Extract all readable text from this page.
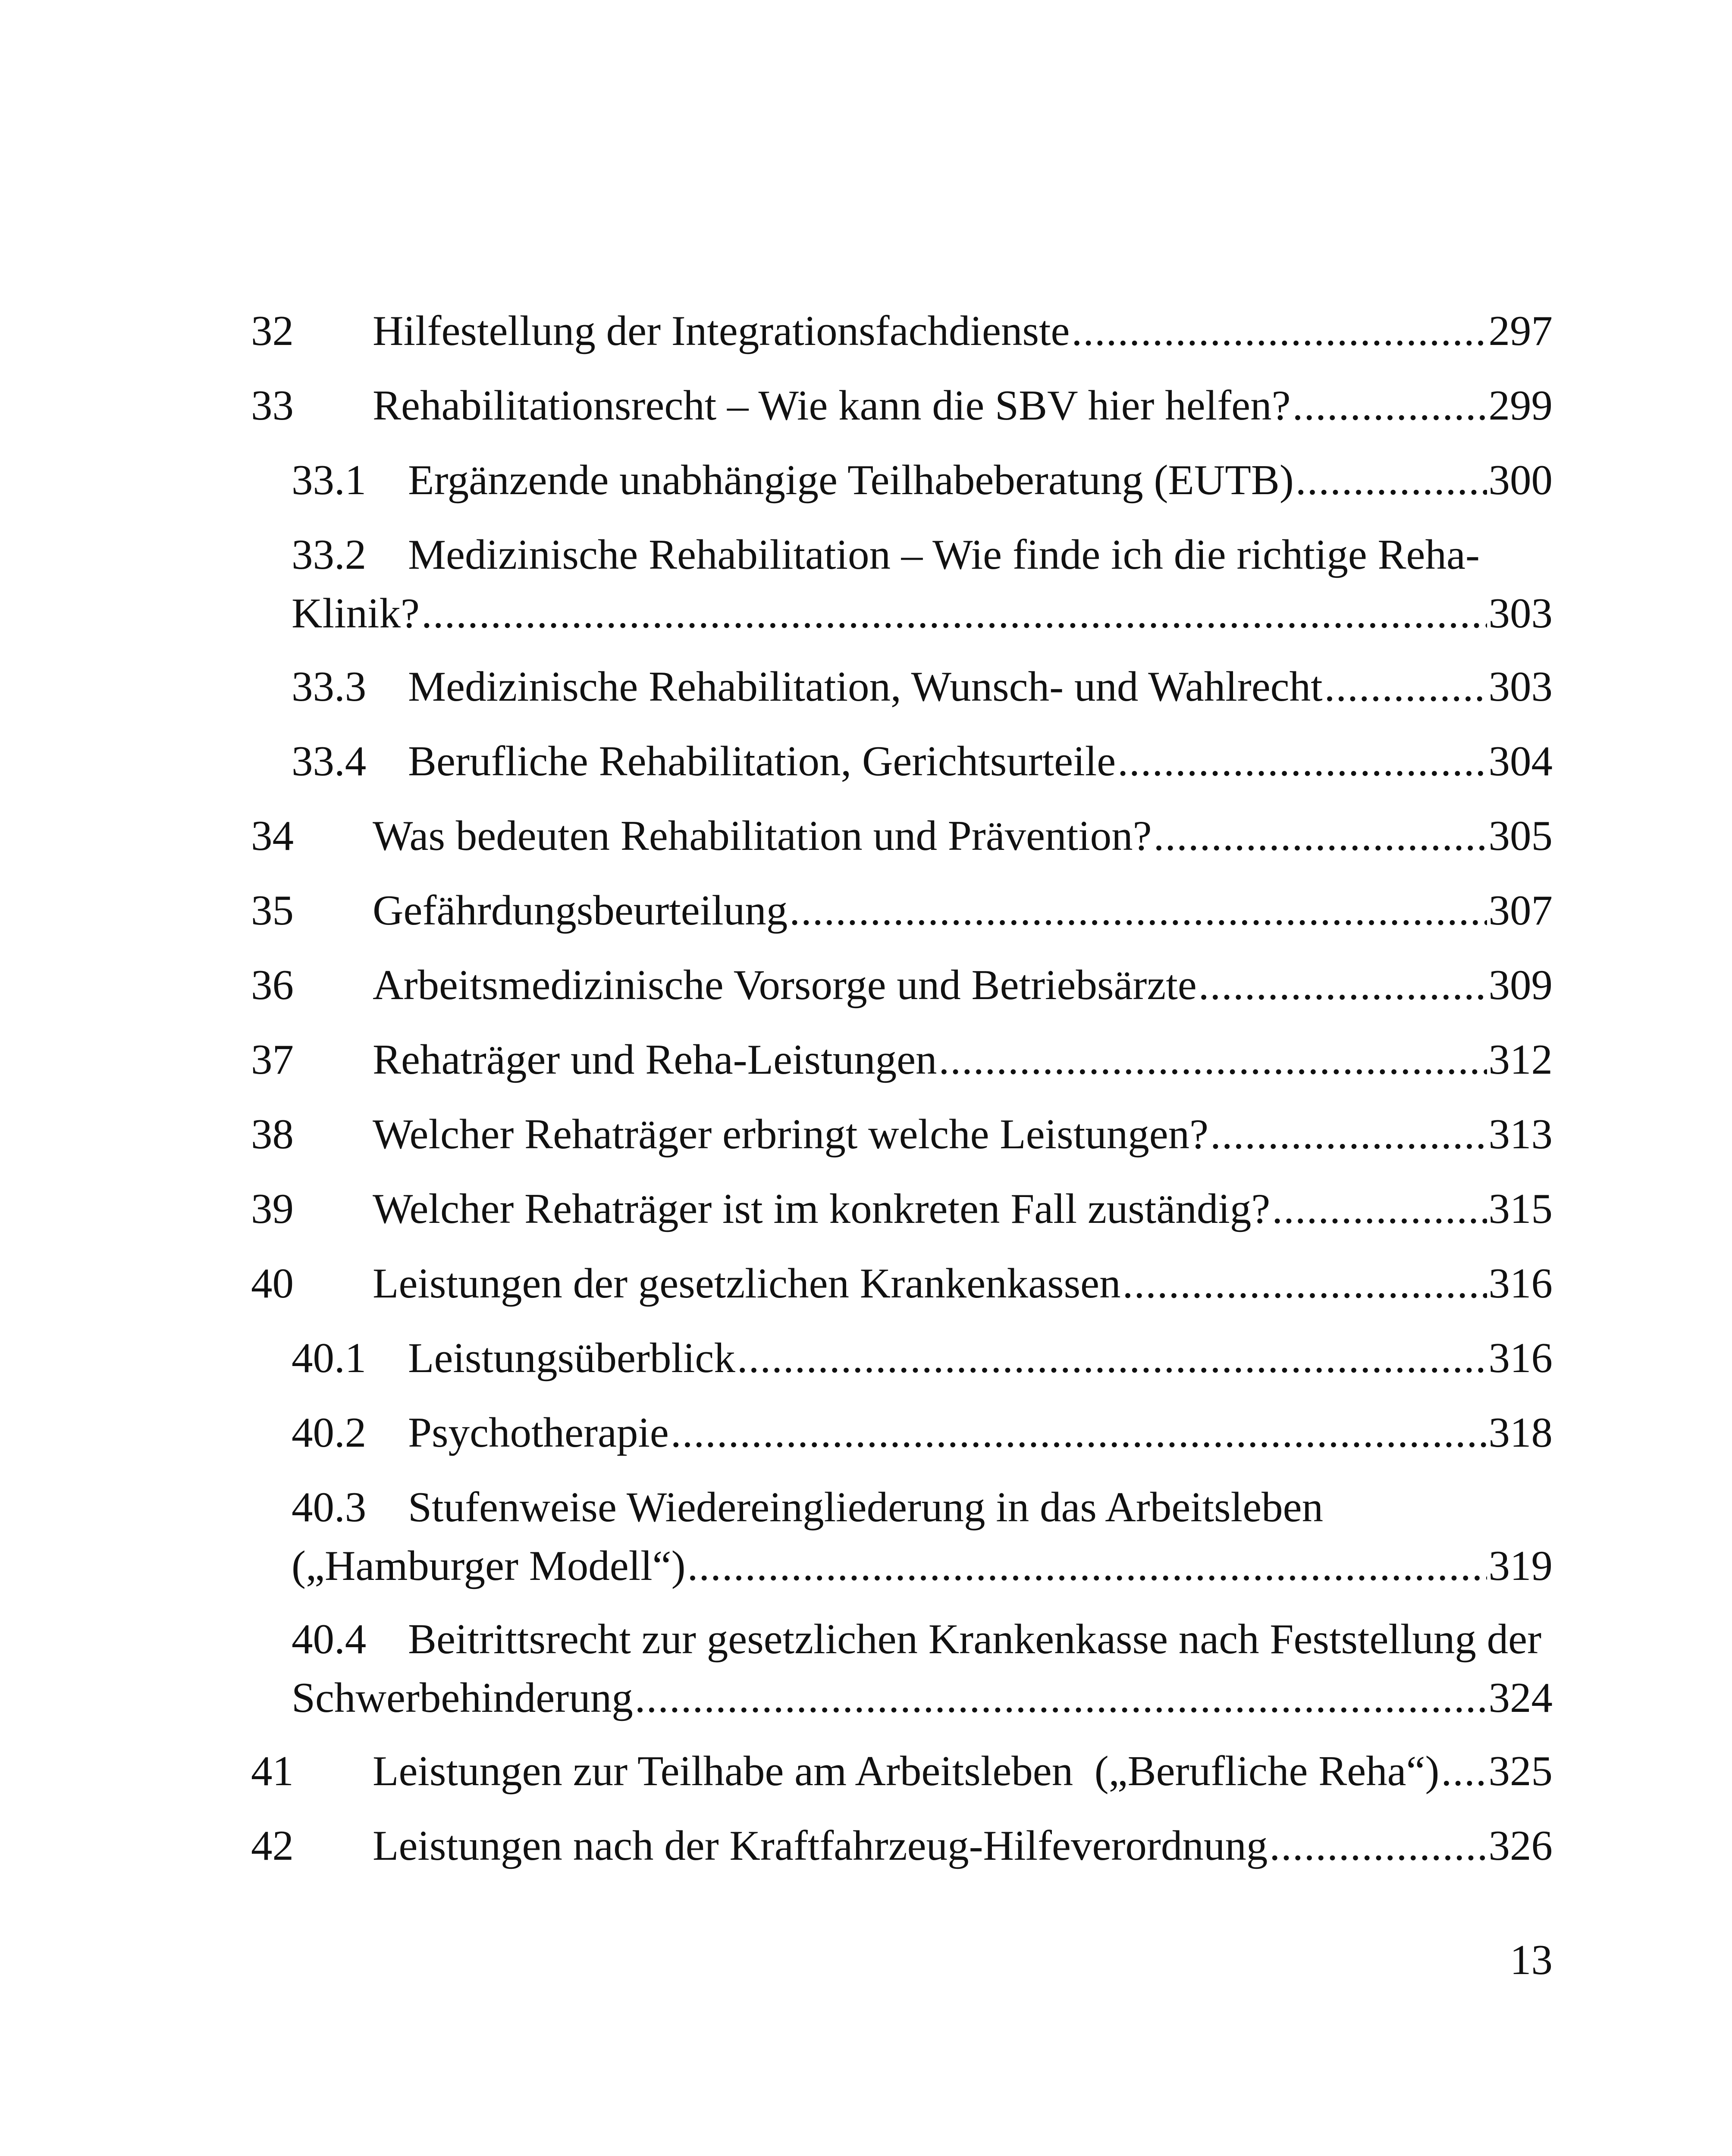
32	Hilfestellung der Integrationsfachdienste .....	297
33	Rehabilitationsrecht – Wie kann die SBV hier helfen? .....	299
33.1 Ergänzende unabhängige Teilhabeberatung (EUTB) .....	300
33.2 Medizinische Rehabilitation – Wie finde ich die richtige Reha-
Klinik? .....	303
33.3 Medizinische Rehabilitation, Wunsch- und Wahlrecht .....	303
33.4 Berufliche Rehabilitation, Gerichtsurteile .....	304
34	Was bedeuten Rehabilitation und Prävention? .....	305
35	Gefährdungsbeurteilung .....	307
36	Arbeitsmedizinische Vorsorge und Betriebsärzte .....	309
37	Rehaträger und Reha-Leistungen .....	312
38	Welcher Rehaträger erbringt welche Leistungen? .....	313
39	Welcher Rehaträger ist im konkreten Fall zuständig? .....	315
40	Leistungen der gesetzlichen Krankenkassen .....	316
40.1 Leistungsüberblick .....	316
40.2 Psychotherapie .....	318
40.3 Stufenweise Wiedereingliederung in das Arbeitsleben
(„Hamburger Modell“) .....	319
40.4 Beitrittsrecht zur gesetzlichen Krankenkasse nach Feststellung der
Schwerbehinderung .....	324
41	Leistungen zur Teilhabe am Arbeitsleben  („Berufliche Reha“) ..... 325
42	Leistungen nach der Kraftfahrzeug-Hilfeverordnung .....	326
13
